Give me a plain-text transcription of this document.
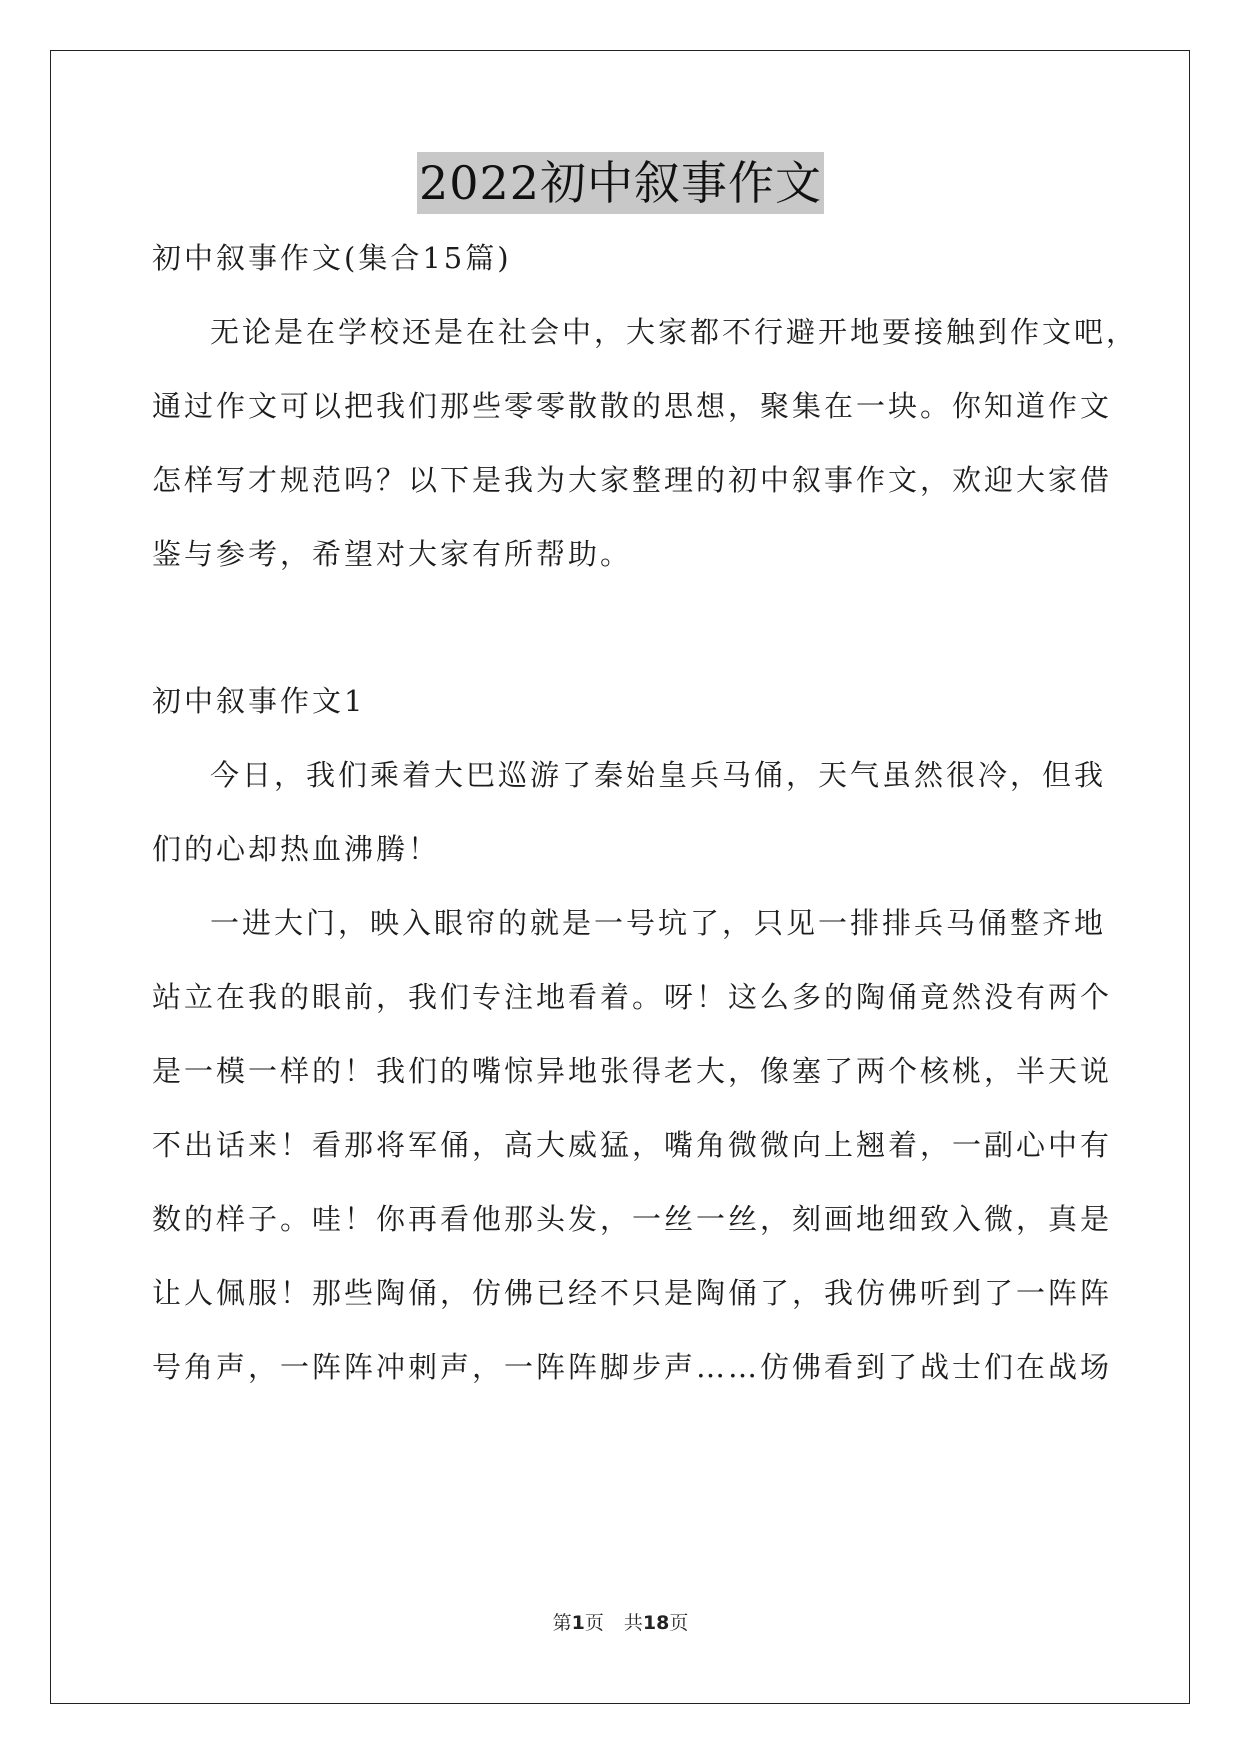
2022初中叙事作文
初中叙事作文(集合15篇)
无论是在学校还是在社会中，大家都不行避开地要接触到作文吧，
通过作文可以把我们那些零零散散的思想，聚集在一块。你知道作文
怎样写才规范吗？以下是我为大家整理的初中叙事作文，欢迎大家借
鉴与参考，希望对大家有所帮助。
初中叙事作文1
今日，我们乘着大巴巡游了秦始皇兵马俑，天气虽然很冷，但我
们的心却热血沸腾！
一进大门，映入眼帘的就是一号坑了，只见一排排兵马俑整齐地
站立在我的眼前，我们专注地看着。呀！这么多的陶俑竟然没有两个
是一模一样的！我们的嘴惊异地张得老大，像塞了两个核桃，半天说
不出话来！看那将军俑，高大威猛，嘴角微微向上翘着，一副心中有
数的样子。哇！你再看他那头发，一丝一丝，刻画地细致入微，真是
让人佩服！那些陶俑，仿佛已经不只是陶俑了，我仿佛听到了一阵阵
号角声，一阵阵冲刺声，一阵阵脚步声……仿佛看到了战士们在战场
第1页 共18页
